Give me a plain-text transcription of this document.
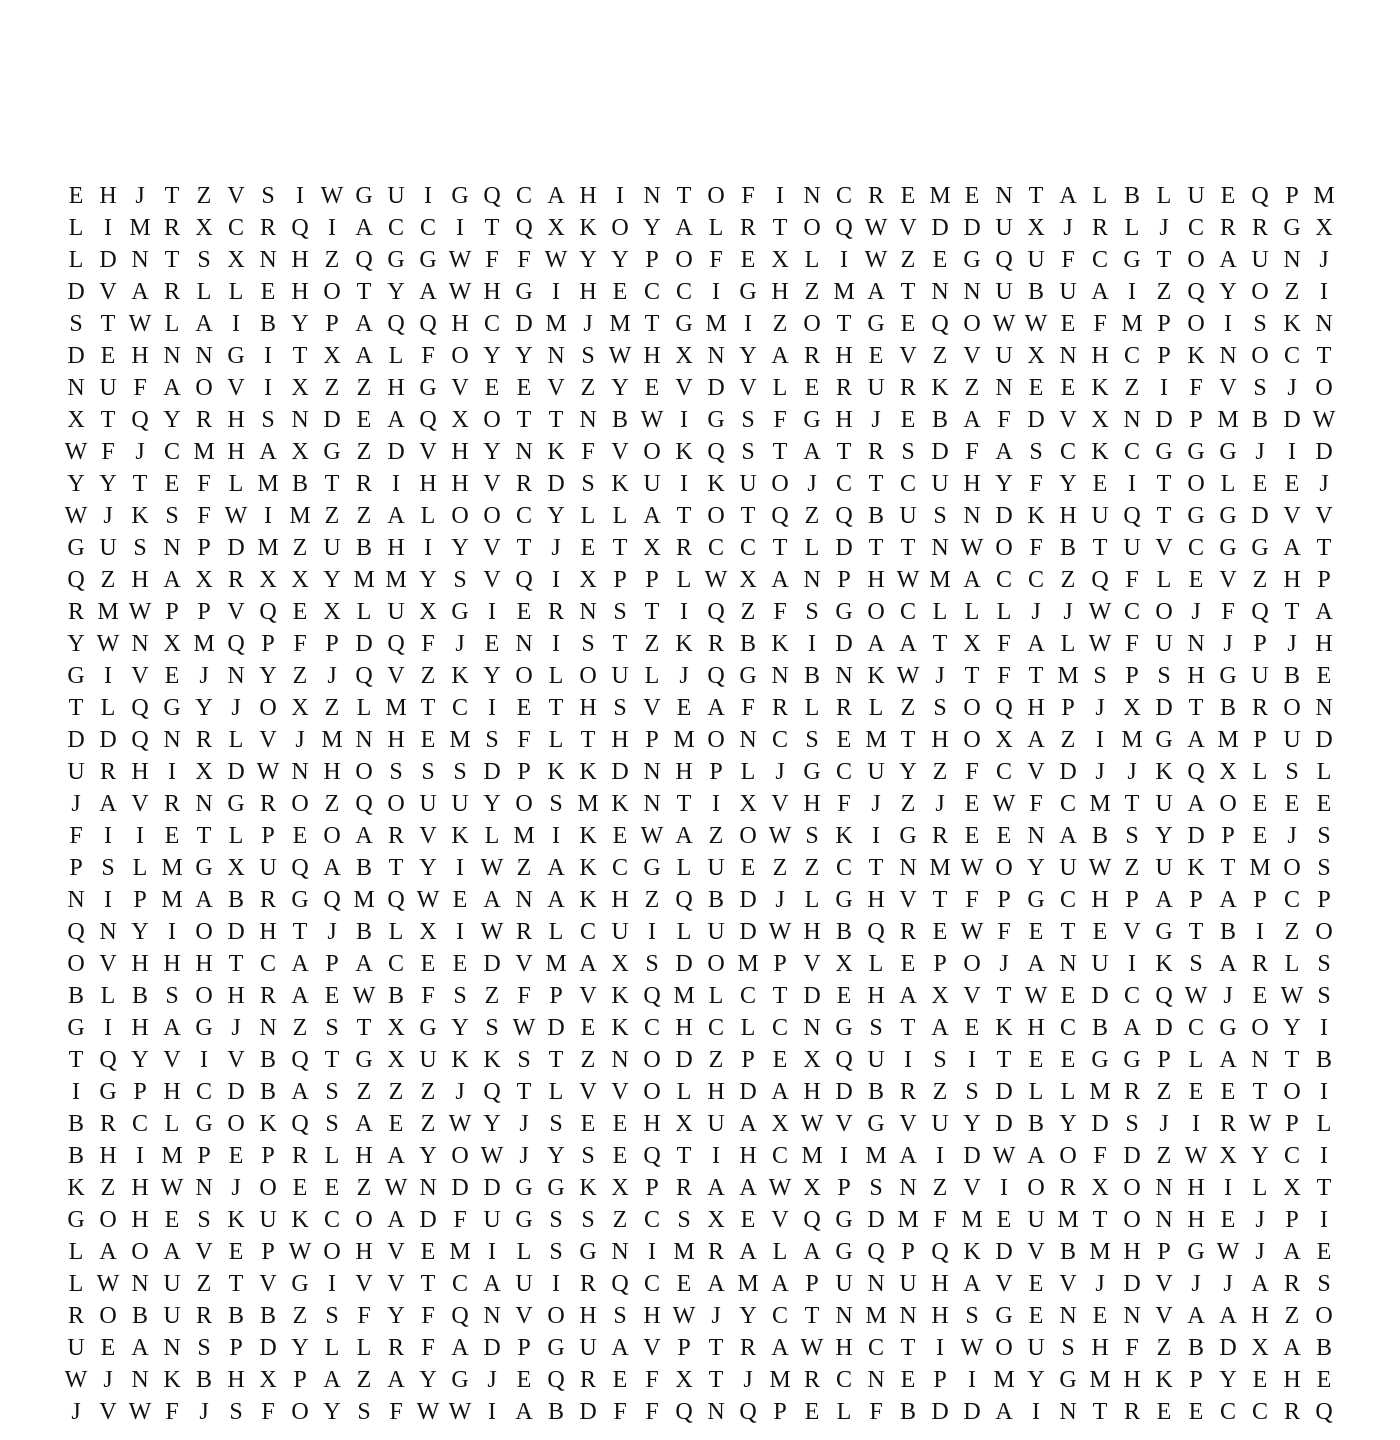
E H J T Z V S I W G U I G Q C A H I N T O F I N C R E M E N T A L B L U E Q P M
L I M R X C R Q I A C C I T Q X K O Y A L R T O Q W V D D U X J R L J C R R G X
L D N T S X N H Z Q G G W F F W Y Y P O F E X L I W Z E G Q U F C G T O A U N J
D V A R L L E H O T Y A W H G I H E C C I G H Z M A T N N U B U A I Z Q Y O Z I
S T W L A I B Y P A Q Q H C D M J M T G M I Z O T G E Q O W W E F M P O I S K N
D E H N N G I T X A L F O Y Y N S W H X N Y A R H E V Z V U X N H C P K N O C T
N U F A O V I X Z Z H G V E E V Z Y E V D V L E R U R K Z N E E K Z I F V S J O
X T Q Y R H S N D E A Q X O T T N B W I G S F G H J E B A F D V X N D P M B D W
W F J C M H A X G Z D V H Y N K F V O K Q S T A T R S D F A S C K C G G G J I D
Y Y T E F L M B T R I H H V R D S K U I K U O J C T C U H Y F Y E I T O L E E J
W J K S F W I M Z Z A L O O C Y L L A T O T Q Z Q B U S N D K H U Q T G G D V V
G U S N P D M Z U B H I Y V T J E T X R C C T L D T T N W O F B T U V C G G A T
Q Z H A X R X X Y M M Y S V Q I X P P L W X A N P H W M A C C Z Q F L E V Z H P
R M W P P V Q E X L U X G I E R N S T I Q Z F S G O C L L L J J W C O J F Q T A
Y W N X M Q P F P D Q F J E N I S T Z K R B K I D A A T X F A L W F U N J P J H
G I V E J N Y Z J Q V Z K Y O L O U L J Q G N B N K W J T F T M S P S H G U B E
T L Q G Y J O X Z L M T C I E T H S V E A F R L R L Z S O Q H P J X D T B R O N
D D Q N R L V J M N H E M S F L T H P M O N C S E M T H O X A Z I M G A M P U D
U R H I X D W N H O S S S D P K K D N H P L J G C U Y Z F C V D J J K Q X L S L
J A V R N G R O Z Q O U U Y O S M K N T I X V H F J Z J E W F C M T U A O E E E
F I	I E T L P E O A R V K L M I K E W A Z O W S K I G R E E N A B S Y D P E J S
P S L M G X U Q A B T Y I W Z A K C G L U E Z Z C T N M W O Y U W Z U K T M O S
N I P M A B R G Q M Q W E A N A K H Z Q B D J L G H V T F P G C H P A P A P C P
Q N Y I O D H T J B L X I W R L C U I L U D W H B Q R E W F E T E V G T B I Z O
O V H H H T C A P A C E E D V M A X S D O M P V X L E P O J A N U I K S A R L S
B L B S O H R A E W B F S Z F P V K Q M L C T D E H A X V T W E D C Q W J E W S
G I H A G J N Z S T X G Y S W D E K C H C L C N G S T A E K H C B A D C G O Y I
T Q Y V I V B Q T G X U K K S T Z N O D Z P E X Q U I S I T E E G G P L A N T B
I G P H C D B A S Z Z Z J Q T L V V O L H D A H D B R Z S D L L M R Z E E T O I
B R C L G O K Q S A E Z W Y J S E E H X U A X W V G V U Y D B Y D S J I R W P L
B H I M P E P R L H A Y O W J Y S E Q T I H C M I M A I D W A O F D Z W X Y C I
K Z H W N J O E E Z W N D D G G K X P R A A W X P S N Z V I O R X O N H I L X T
G O H E S K U K C O A D F U G S S Z C S X E V Q G D M F M E U M T O N H E J P I
L A O A V E P W O H V E M I L S G N I M R A L A G Q P Q K D V B M H P G W J A E
L W N U Z T V G I V V T C A U I R Q C E A M A P U N U H A V E V J D V J J A R S
R O B U R B B Z S F Y F Q N V O H S H W J Y C T N M N H S G E N E N V A A H Z O
U E A N S P D Y L L R F A D P G U A V P T R A W H C T I W O U S H F Z B D X A B
W J N K B H X P A Z A Y G J E Q R E F X T J M R C N E P I M Y G M H K P Y E H E
J V W F J S F O Y S F W W I A B D F F Q N Q P E L F B D D A I N T R E E C C R Q
